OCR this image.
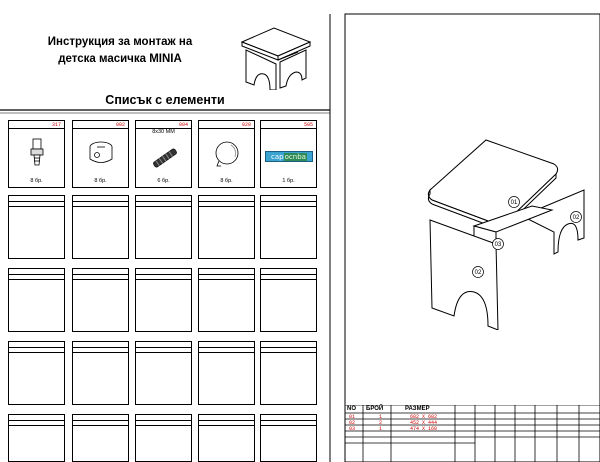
Инструкция за монтаж на
детска масичка MINIA
Списък с елементи
317
8 бр.
002
8 бр.
004
8x30 MM
6 бр.
020
8 бр.
505
capocnba
1 бр.
01
02
03
02
NO БРОЙ	РАЗМЕР
01	1	602 X 602
02	2	452 X 444
03	1	474 X 160
